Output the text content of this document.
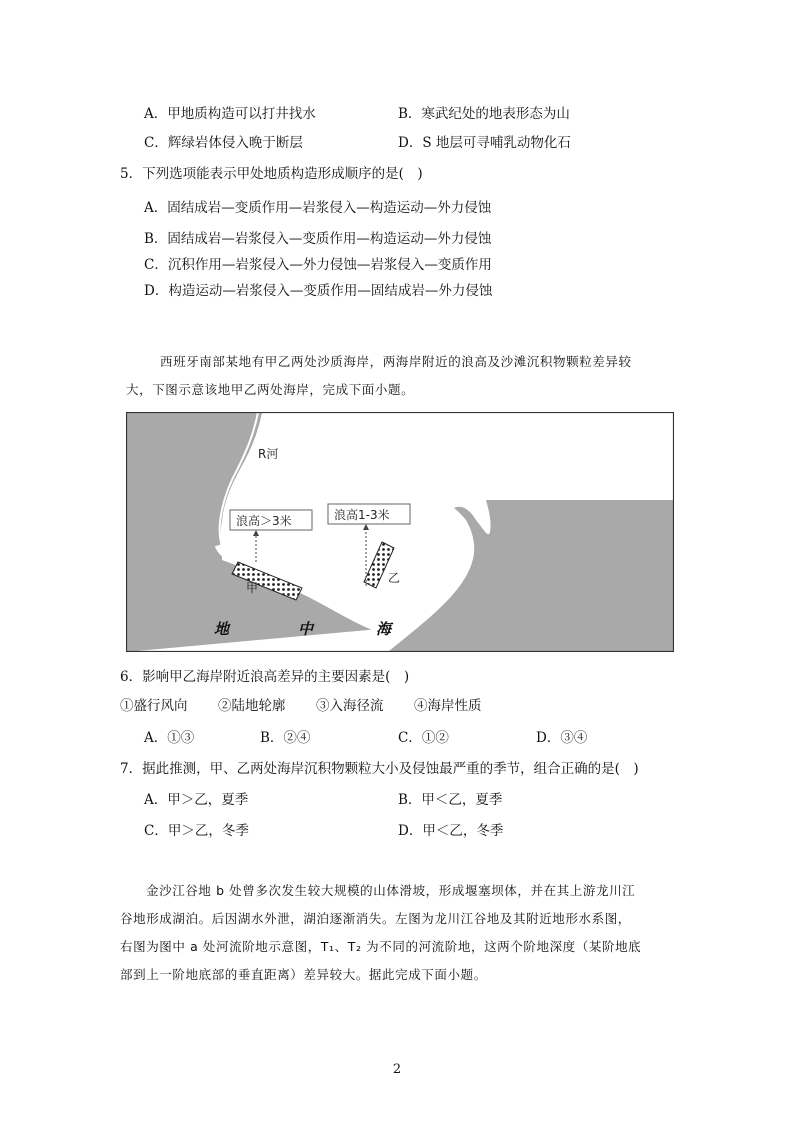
A．甲地质构造可以打井找水	B．寒武纪处的地表形态为山
C．辉绿岩体侵入晚于断层	D．S 地层可寻哺乳动物化石
5．下列选项能表示甲处地质构造形成顺序的是(　)
A．固结成岩—变质作用—岩浆侵入—构造运动—外力侵蚀
B．固结成岩—岩浆侵入—变质作用—构造运动—外力侵蚀
C．沉积作用—岩浆侵入—外力侵蚀—岩浆侵入—变质作用
D．构造运动—岩浆侵入—变质作用—固结成岩—外力侵蚀
西班牙南部某地有甲乙两处沙质海岸，两海岸附近的浪高及沙滩沉积物颗粒差异较
大，下图示意该地甲乙两处海岸，完成下面小题。
R河
浪高＞3米	浪高1-3米
甲
乙
地	中	海
6．影响甲乙海岸附近浪高差异的主要因素是(　)
①盛行风向 ②陆地轮廓 ③入海径流 ④海岸性质
A．①③	B．②④	C．①②	D．③④
7．据此推测，甲、乙两处海岸沉积物颗粒大小及侵蚀最严重的季节，组合正确的是(　)
A．甲＞乙，夏季	B．甲＜乙，夏季
C．甲＞乙，冬季	D．甲＜乙，冬季
金沙江谷地 b 处曾多次发生较大规模的山体滑坡，形成堰塞坝体，并在其上游龙川江
谷地形成湖泊。后因湖水外泄，湖泊逐渐消失。左图为龙川江谷地及其附近地形水系图，
右图为图中 a 处河流阶地示意图，T₁、T₂ 为不同的河流阶地，这两个阶地深度（某阶地底
部到上一阶地底部的垂直距离）差异较大。据此完成下面小题。
2
